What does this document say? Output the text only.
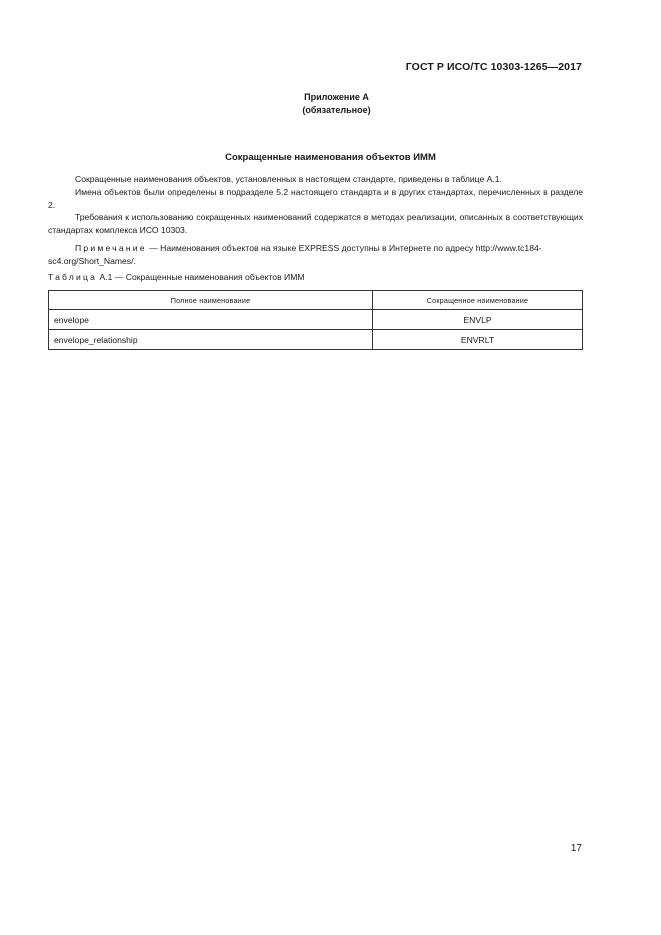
ГОСТ Р ИСО/ТС 10303-1265—2017
Приложение А
(обязательное)
Сокращенные наименования объектов ИММ

Сокращенные наименования объектов, установленных в настоящем стандарте, приведены в таблице А.1.

Имена объектов были определены в подразделе 5.2 настоящего стандарта и в других стандартах, перечисленных в разделе 2.

Требования к использованию сокращенных наименований содержатся в методах реализации, описанных в соответствующих стандартах комплекса ИСО 10303.

Примечание — Наименования объектов на языке EXPRESS доступны в Интернете по адресу http://www.tc184-sc4.org/Short_Names/.
Таблица А.1 — Сокращенные наименования объектов ИММ
Полное наименование	Сокращенное наименование
envelope	ENVLP
envelope_relationship	ENVRLT
17
